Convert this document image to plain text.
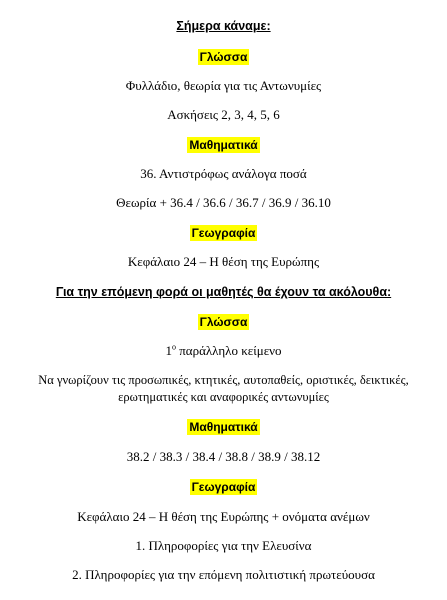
Σήμερα κάναμε:
Γλώσσα
Φυλλάδιο, θεωρία για τις Αντωνυμίες
Ασκήσεις 2, 3, 4, 5, 6
Μαθηματικά
36. Αντιστρόφως ανάλογα ποσά
Θεωρία + 36.4 / 36.6 / 36.7 / 36.9 / 36.10
Γεωγραφία
Κεφάλαιο 24 – Η θέση της Ευρώπης
Για την επόμενη φορά οι μαθητές θα έχουν τα ακόλουθα:
Γλώσσα
$1^o$ παράλληλο κείμενο
Να γνωρίζουν τις προσωπικές, κτητικές, αυτοπαθείς, οριστικές, δεικτικές,
ερωτηματικές και αναφορικές αντωνυμίες
Μαθηματικά
38.2 / 38.3 / 38.4 / 38.8 / 38.9 / 38.12
Γεωγραφία
Κεφάλαιο 24 – Η θέση της Ευρώπης + ονόματα ανέμων
1. Πληροφορίες για την Ελευσίνα
2. Πληροφορίες για την επόμενη πολιτιστική πρωτεύουσα
